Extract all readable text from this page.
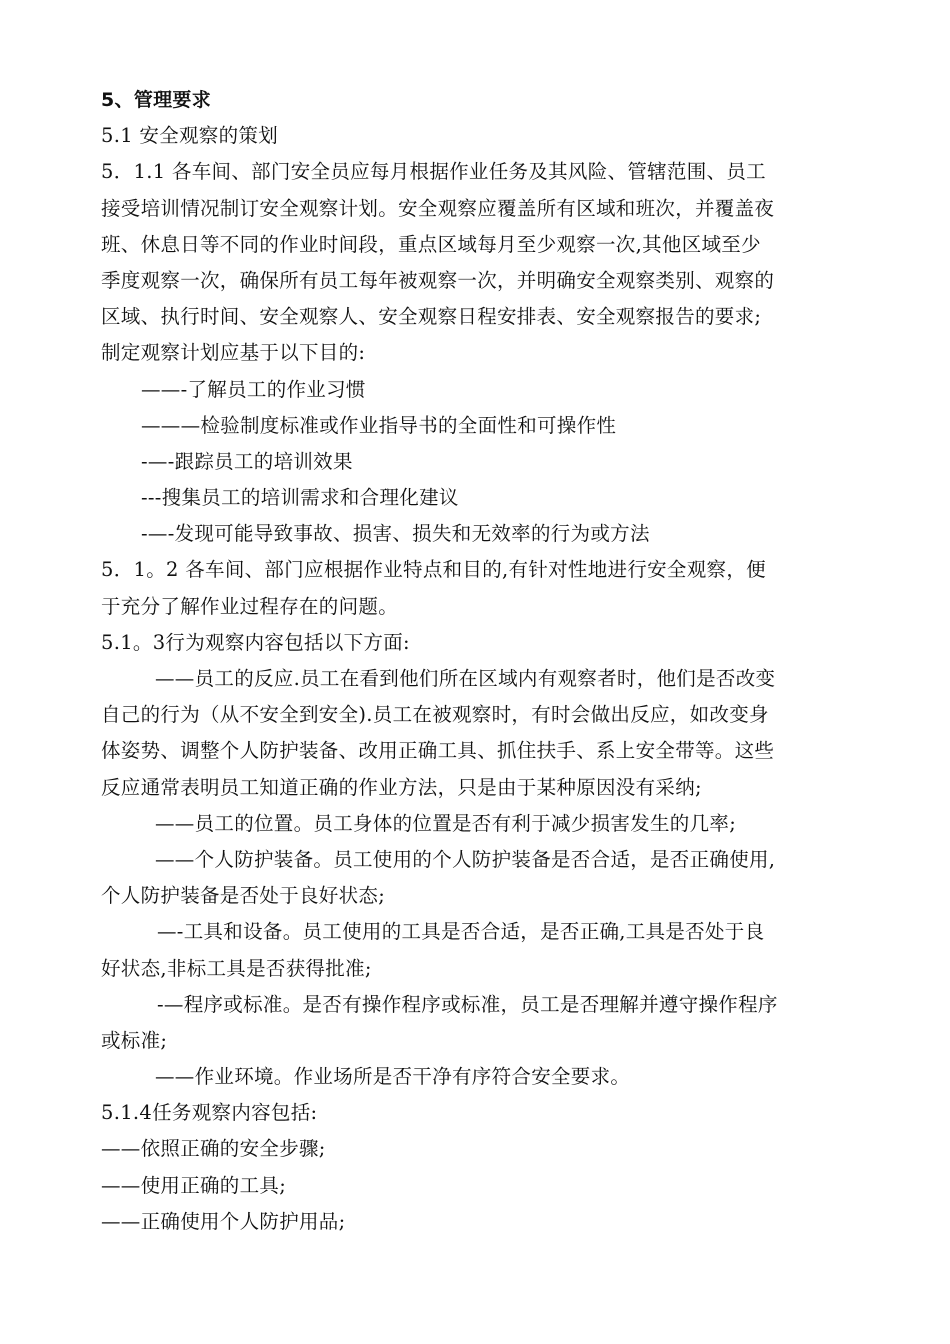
5、管理要求
5.1 安全观察的策划
5．1.1 各车间、部门安全员应每月根据作业任务及其风险、管辖范围、员工
接受培训情况制订安全观察计划。安全观察应覆盖所有区域和班次，并覆盖夜
班、休息日等不同的作业时间段，重点区域每月至少观察一次,其他区域至少
季度观察一次，确保所有员工每年被观察一次，并明确安全观察类别、观察的
区域、执行时间、安全观察人、安全观察日程安排表、安全观察报告的要求;
制定观察计划应基于以下目的:
——-了解员工的作业习惯
———检验制度标准或作业指导书的全面性和可操作性
-—-跟踪员工的培训效果
---搜集员工的培训需求和合理化建议
-—-发现可能导致事故、损害、损失和无效率的行为或方法
5．1。2 各车间、部门应根据作业特点和目的,有针对性地进行安全观察，便
于充分了解作业过程存在的问题。
5.1。3行为观察内容包括以下方面:
——员工的反应.员工在看到他们所在区域内有观察者时，他们是否改变
自己的行为（从不安全到安全).员工在被观察时，有时会做出反应，如改变身
体姿势、调整个人防护装备、改用正确工具、抓住扶手、系上安全带等。这些
反应通常表明员工知道正确的作业方法，只是由于某种原因没有采纳;
——员工的位置。员工身体的位置是否有利于减少损害发生的几率;
——个人防护装备。员工使用的个人防护装备是否合适，是否正确使用,
个人防护装备是否处于良好状态;
—-工具和设备。员工使用的工具是否合适，是否正确,工具是否处于良
好状态,非标工具是否获得批准;
-—程序或标准。是否有操作程序或标准，员工是否理解并遵守操作程序
或标准;
——作业环境。作业场所是否干净有序符合安全要求。
5.1.4任务观察内容包括:
——依照正确的安全步骤;
——使用正确的工具;
——正确使用个人防护用品;
